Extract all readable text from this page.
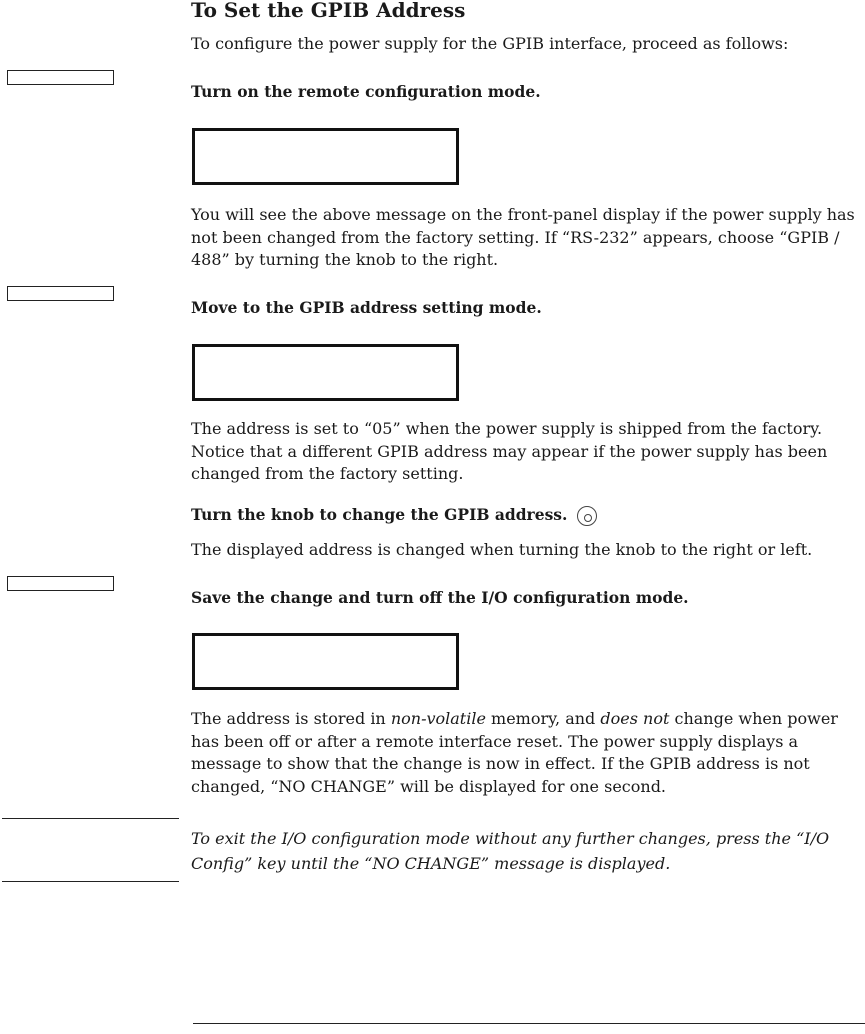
To Set the GPIB Address
To configure the power supply for the GPIB interface, proceed as follows:
Turn on the remote configuration mode.
You will see the above message on the front-panel display if the power supply has not been changed from the factory setting. If “RS-232” appears, choose “GPIB / 488” by turning the knob to the right.
Move to the GPIB address setting mode.
The address is set to “05” when the power supply is shipped from the factory. Notice that a different GPIB address may appear if the power supply has been changed from the factory setting.
Turn the knob to change the GPIB address.
The displayed address is changed when turning the knob to the right or left.
Save the change and turn off the I/O configuration mode.
The address is stored in non-volatile memory, and does not change when power has been off or after a remote interface reset. The power supply displays a message to show that the change is now in effect. If the GPIB address is not changed, “NO CHANGE” will be displayed for one second.
To exit the I/O configuration mode without any further changes, press the “I/O Config” key until the “NO CHANGE” message is displayed.
